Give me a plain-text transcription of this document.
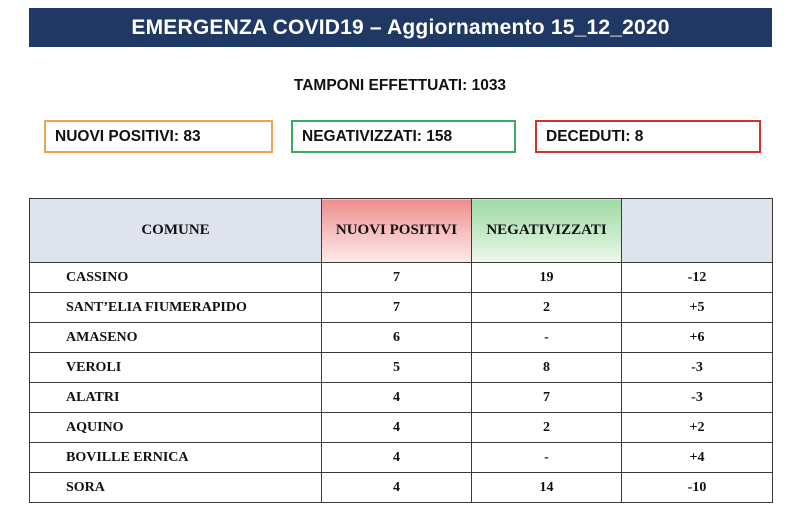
EMERGENZA COVID19 – Aggiornamento 15_12_2020
TAMPONI EFFETTUATI: 1033
NUOVI POSITIVI: 83	NEGATIVIZZATI: 158	DECEDUTI: 8
COMUNE	NUOVI POSITIVI	NEGATIVIZZATI	
CASSINO	7	19	-12
SANT’ELIA FIUMERAPIDO	7	2	+5
AMASENO	6	-	+6
VEROLI	5	8	-3
ALATRI	4	7	-3
AQUINO	4	2	+2
BOVILLE ERNICA	4	-	+4
SORA	4	14	-10
